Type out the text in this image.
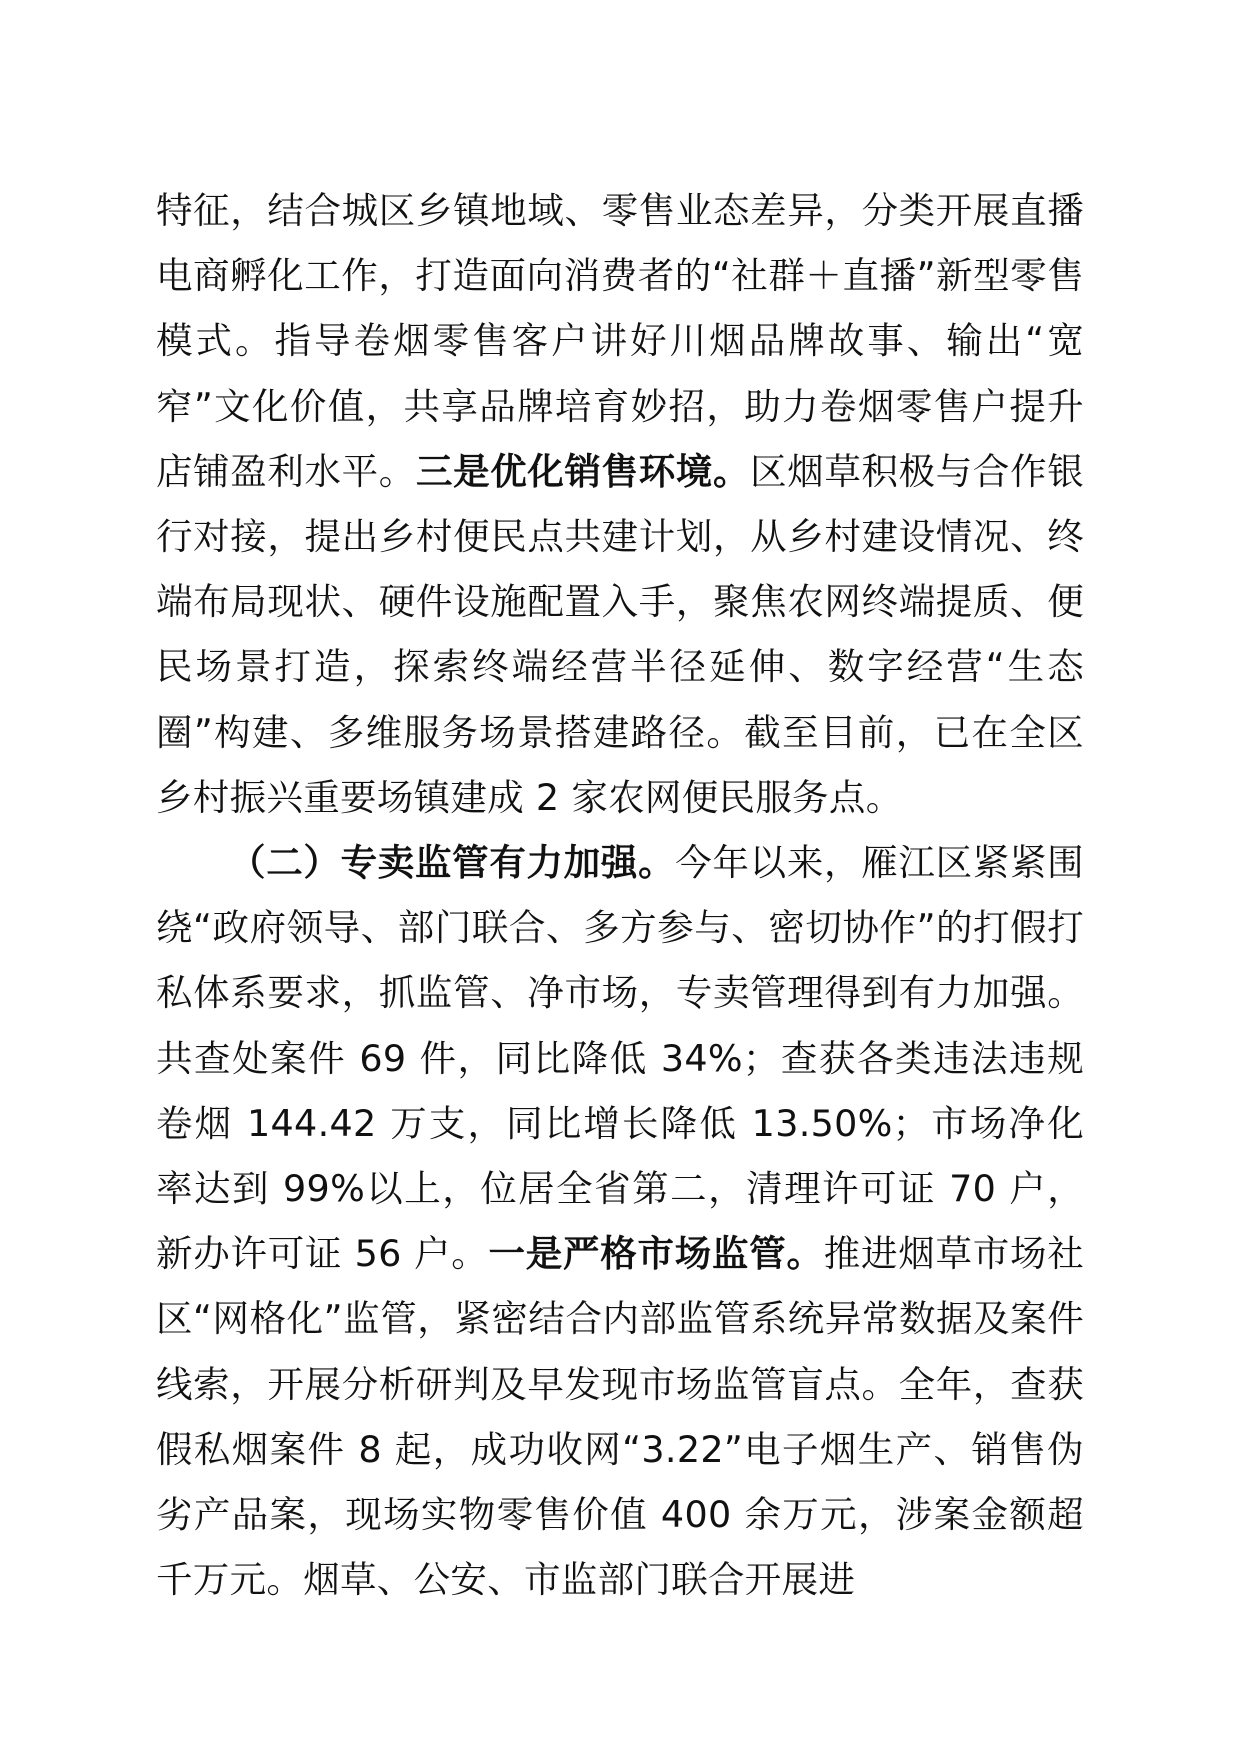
特征，结合城区乡镇地域、零售业态差异，分类开展直播电商孵化工作，打造面向消费者的“社群＋直播”新型零售模式。指导卷烟零售客户讲好川烟品牌故事、输出“宽窄”文化价值，共享品牌培育妙招，助力卷烟零售户提升店铺盈利水平。三是优化销售环境。区烟草积极与合作银行对接，提出乡村便民点共建计划，从乡村建设情况、终端布局现状、硬件设施配置入手，聚焦农网终端提质、便民场景打造，探索终端经营半径延伸、数字经营“生态圈”构建、多维服务场景搭建路径。截至目前，已在全区乡村振兴重要场镇建成 2 家农网便民服务点。

（二）专卖监管有力加强。今年以来，雁江区紧紧围绕“政府领导、部门联合、多方参与、密切协作”的打假打私体系要求，抓监管、净市场，专卖管理得到有力加强。共查处案件 69 件，同比降低 34%；查获各类违法违规卷烟 144.42 万支，同比增长降低 13.50%；市场净化率达到 99%以上，位居全省第二，清理许可证 70 户，新办许可证 56 户。一是严格市场监管。推进烟草市场社区“网格化”监管，紧密结合内部监管系统异常数据及案件线索，开展分析研判及早发现市场监管盲点。全年，查获假私烟案件 8 起，成功收网“3.22”电子烟生产、销售伪劣产品案，现场实物零售价值 400 余万元，涉案金额超千万元。烟草、公安、市监部门联合开展进
